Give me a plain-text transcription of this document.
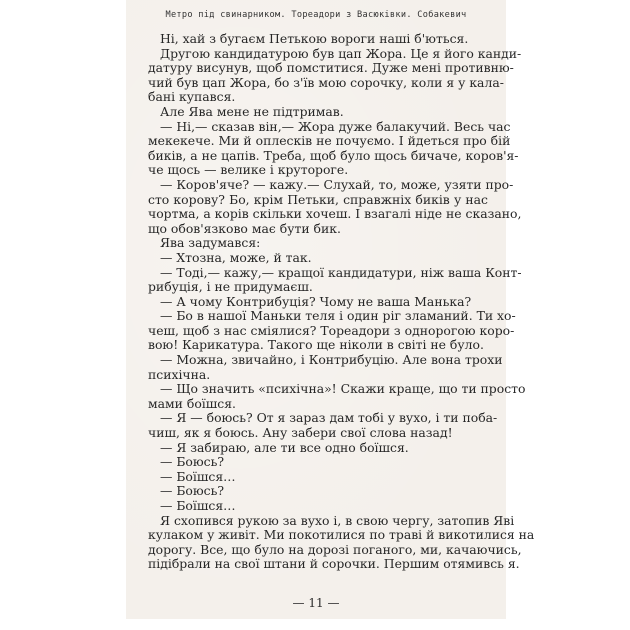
Метро під свинарником. Тореадори з Васюківки. Собакевич
Ні, хай з бугаєм Петькою вороги наші б'ються.
Другою кандидатурою був цап Жора. Це я його канди-
датуру висунув, щоб помститися. Дуже мені противню-
чий був цап Жора, бо з'їв мою сорочку, коли я у кала-
бані купався.
Але Ява мене не підтримав.
— Ні,— сказав він,— Жора дуже балакучий. Весь час
мекекече. Ми й оплесків не почуємо. І йдеться про бій
биків, а не цапів. Треба, щоб було щось бичаче, коров'я-
че щось — велике і крутороге.
— Коров'яче? — кажу.— Слухай, то, може, узяти про-
сто корову? Бо, крім Петьки, справжніх биків у нас
чортма, а корів скільки хочеш. І взагалі ніде не сказано,
що обов'язково має бути бик.
Ява задумався:
— Хтозна, може, й так.
— Тоді,— кажу,— кращої кандидатури, ніж ваша Конт-
рибуція, і не придумаєш.
— А чому Контрибуція? Чому не ваша Манька?
— Бо в нашої Маньки теля і один ріг зламаний. Ти хо-
чеш, щоб з нас сміялися? Тореадори з однорогою коро-
вою! Карикатура. Такого ще ніколи в світі не було.
— Можна, звичайно, і Контрибуцію. Але вона трохи
психічна.
— Що значить «психічна»! Скажи краще, що ти просто
мами боїшся.
— Я — боюсь? От я зараз дам тобі у вухо, і ти поба-
чиш, як я боюсь. Ану забери свої слова назад!
— Я забираю, але ти все одно боїшся.
— Боюсь?
— Боїшся…
— Боюсь?
— Боїшся…
Я схопився рукою за вухо і, в свою чергу, затопив Яві
кулаком у живіт. Ми покотилися по траві й викотилися на
дорогу. Все, що було на дорозі поганого, ми, качаючись,
підібрали на свої штани й сорочки. Першим отямивсь я.
— 11 —
